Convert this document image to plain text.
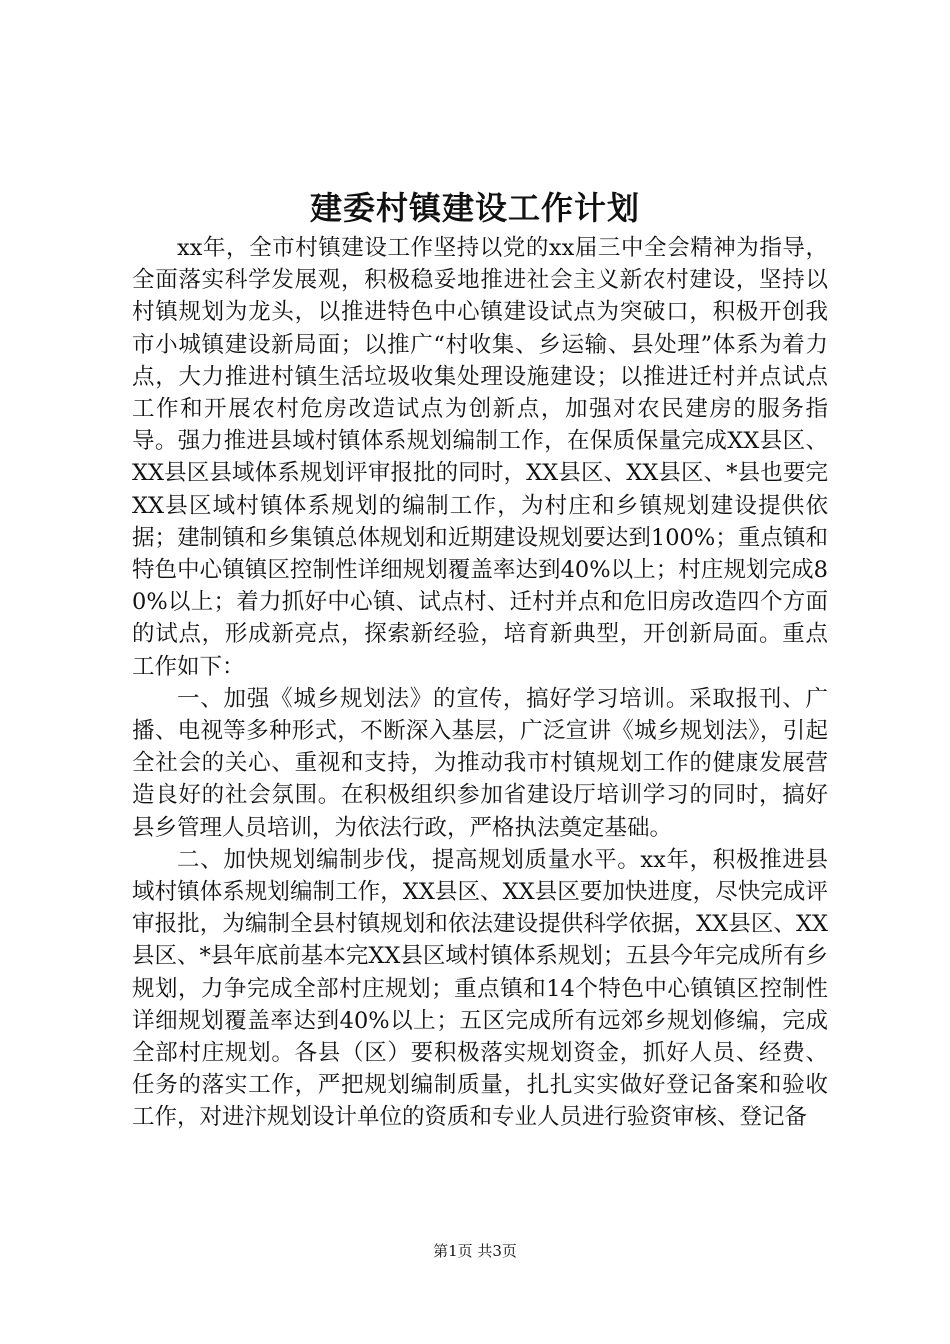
建委村镇建设工作计划

xx年，全市村镇建设工作坚持以党的xx届三中全会精神为指导，全面落实科学发展观，积极稳妥地推进社会主义新农村建设，坚持以村镇规划为龙头，以推进特色中心镇建设试点为突破口，积极开创我市小城镇建设新局面；以推广“村收集、乡运输、县处理”体系为着力点，大力推进村镇生活垃圾收集处理设施建设；以推进迁村并点试点工作和开展农村危房改造试点为创新点，加强对农民建房的服务指导。强力推进县域村镇体系规划编制工作，在保质保量完成XX县区、XX县区县域体系规划评审报批的同时，XX县区、XX县区、*县也要完XX县区域村镇体系规划的编制工作，为村庄和乡镇规划建设提供依据；建制镇和乡集镇总体规划和近期建设规划要达到100%；重点镇和特色中心镇镇区控制性详细规划覆盖率达到40%以上；村庄规划完成80%以上；着力抓好中心镇、试点村、迁村并点和危旧房改造四个方面的试点，形成新亮点，探索新经验，培育新典型，开创新局面。重点工作如下：

一、加强《城乡规划法》的宣传，搞好学习培训。采取报刊、广播、电视等多种形式，不断深入基层，广泛宣讲《城乡规划法》，引起全社会的关心、重视和支持，为推动我市村镇规划工作的健康发展营造良好的社会氛围。在积极组织参加省建设厅培训学习的同时，搞好县乡管理人员培训，为依法行政，严格执法奠定基础。

二、加快规划编制步伐，提高规划质量水平。xx年，积极推进县域村镇体系规划编制工作，XX县区、XX县区要加快进度，尽快完成评审报批，为编制全县村镇规划和依法建设提供科学依据，XX县区、XX县区、*县年底前基本完XX县区域村镇体系规划；五县今年完成所有乡规划，力争完成全部村庄规划；重点镇和14个特色中心镇镇区控制性详细规划覆盖率达到40%以上；五区完成所有远郊乡规划修编，完成全部村庄规划。各县（区）要积极落实规划资金，抓好人员、经费、任务的落实工作，严把规划编制质量，扎扎实实做好登记备案和验收工作，对进汴规划设计单位的资质和专业人员进行验资审核、登记备

第1页 共3页
